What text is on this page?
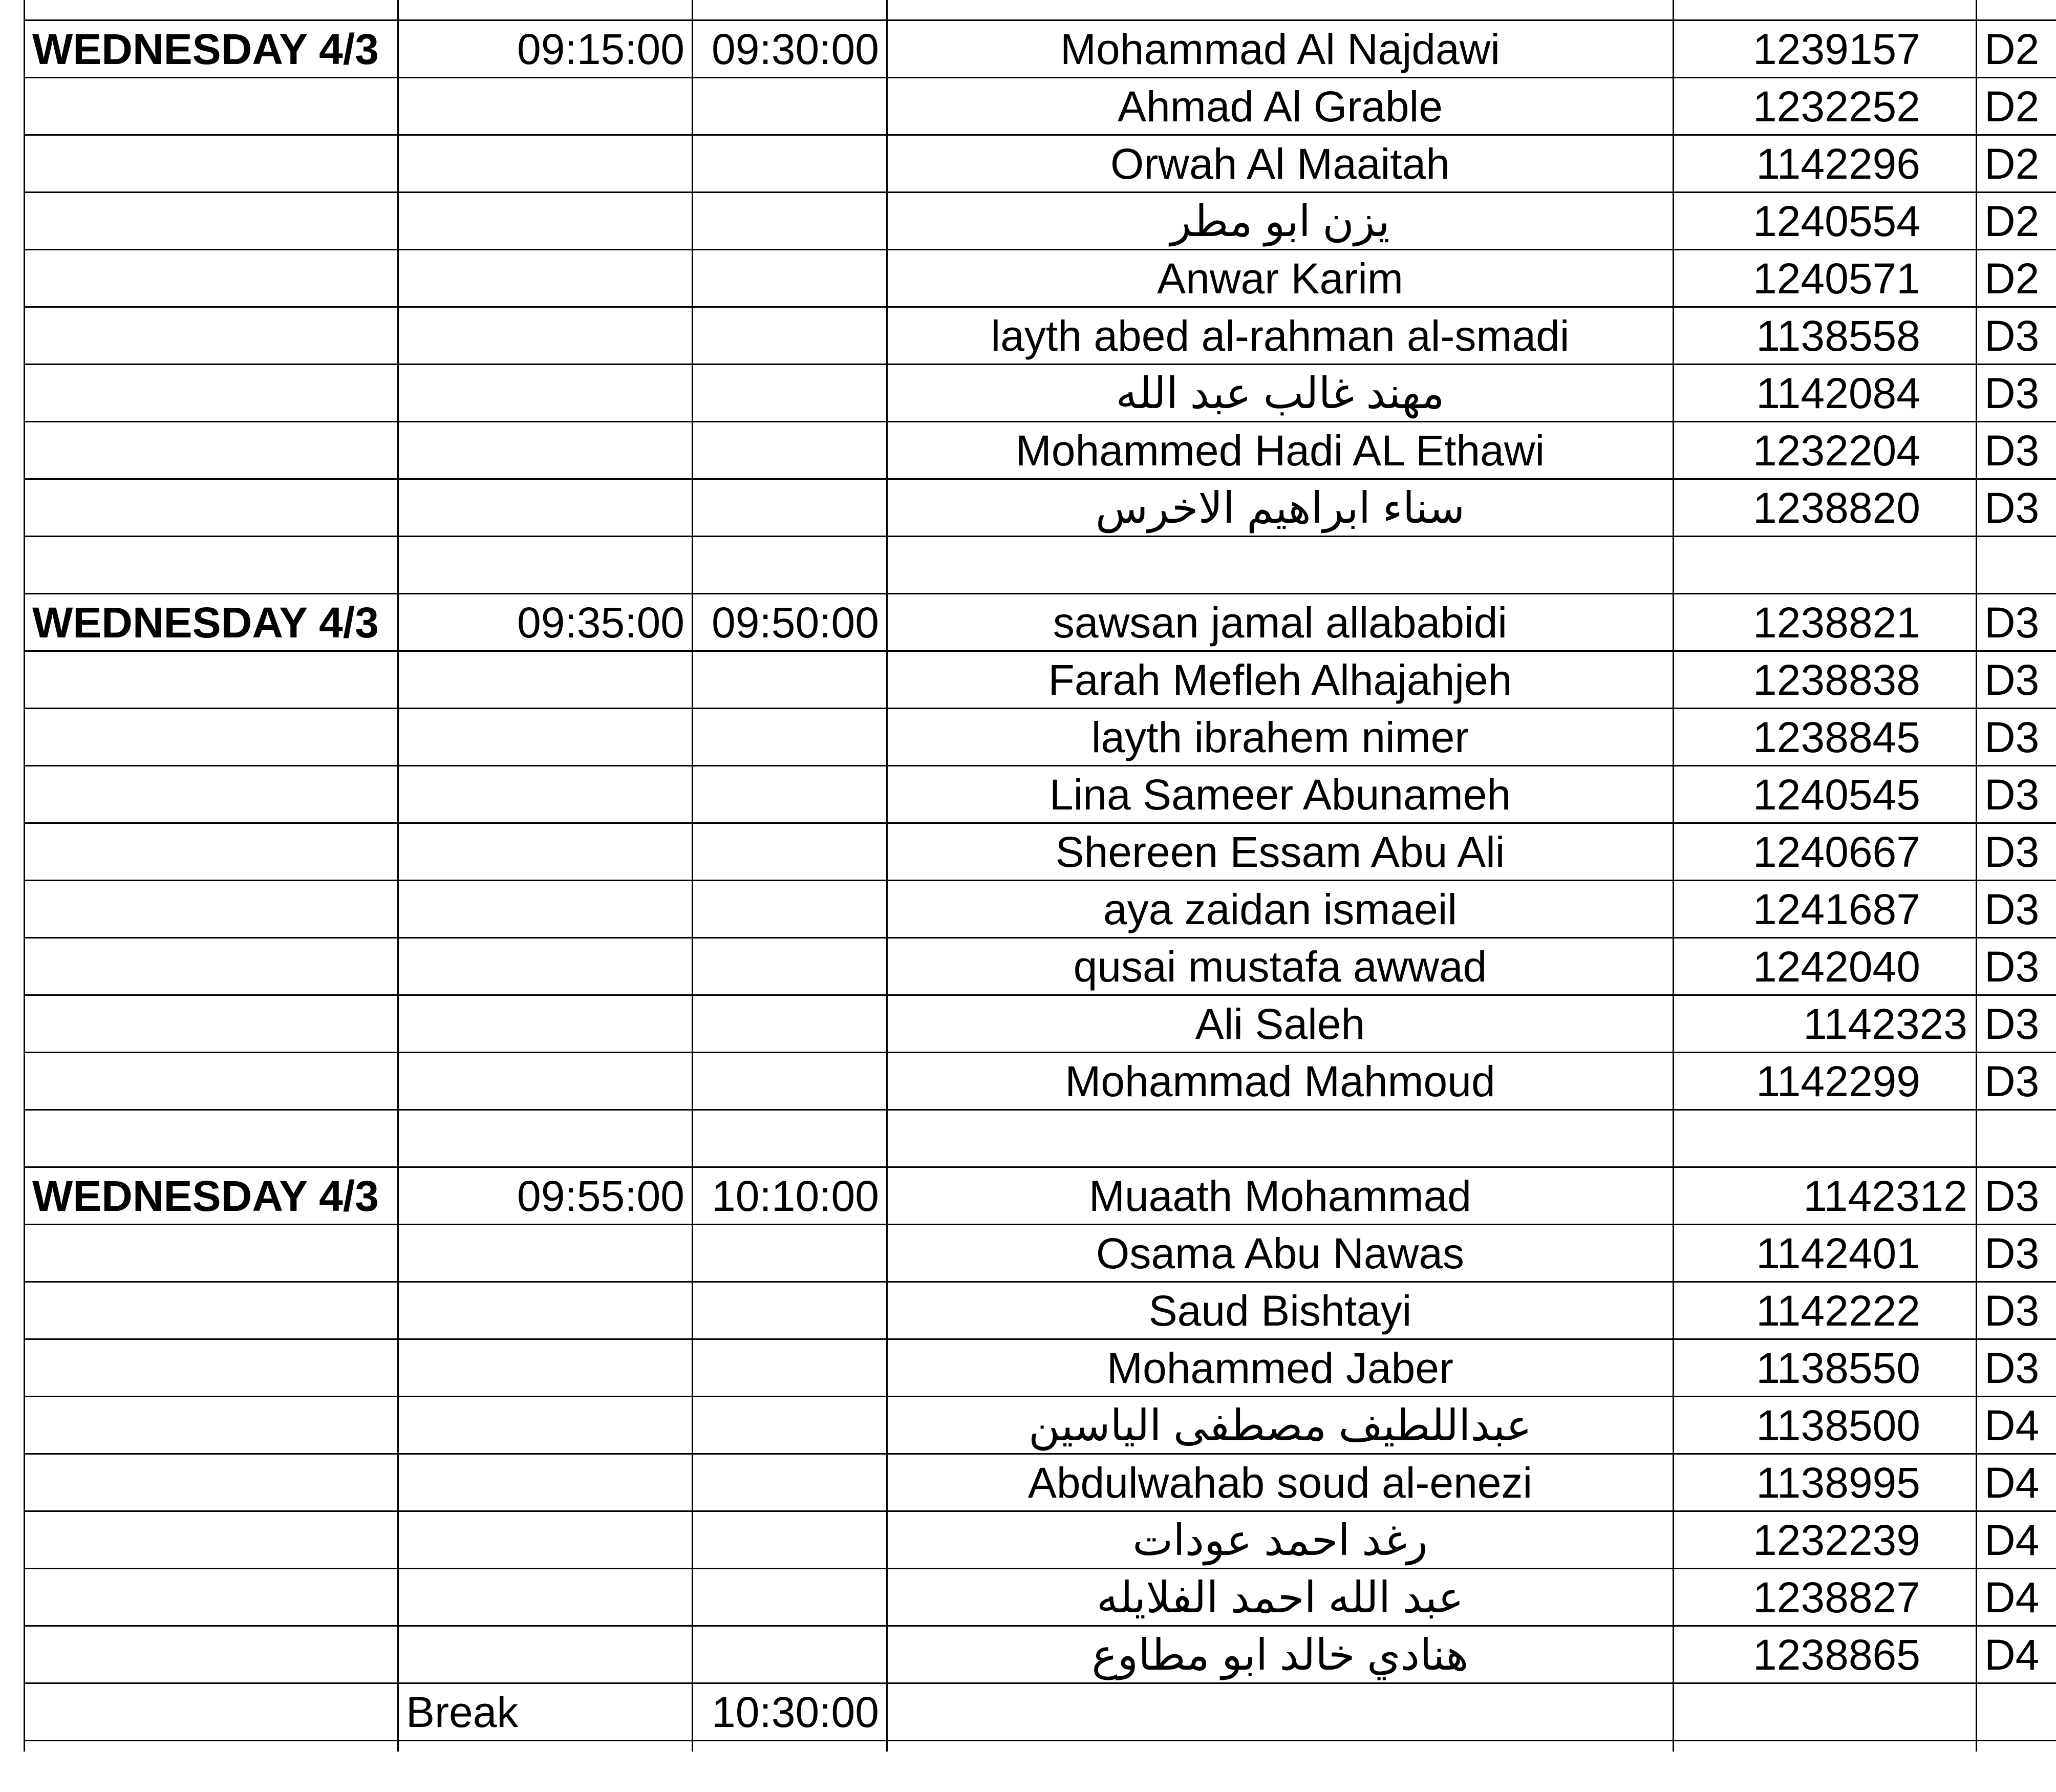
WEDNESDAY 4/3	09:15:00	09:30:00	Mohammad Al Najdawi	1239157	D2
			Ahmad Al Grable	1232252	D2
			Orwah Al Maaitah	1142296	D2
			يزن ابو مطر	1240554	D2
			Anwar Karim	1240571	D2
			layth abed al-rahman al-smadi	1138558	D3
			مهند غالب عبد الله	1142084	D3
			Mohammed Hadi AL Ethawi	1232204	D3
			سناء ابراهيم الاخرس	1238820	D3

WEDNESDAY 4/3	09:35:00	09:50:00	sawsan jamal allababidi	1238821	D3
			Farah Mefleh Alhajahjeh	1238838	D3
			layth ibrahem nimer	1238845	D3
			Lina Sameer Abunameh	1240545	D3
			Shereen Essam Abu Ali	1240667	D3
			aya zaidan ismaeil	1241687	D3
			qusai mustafa awwad	1242040	D3
			Ali Saleh	1142323	D3
			Mohammad Mahmoud	1142299	D3

WEDNESDAY 4/3	09:55:00	10:10:00	Muaath Mohammad	1142312	D3
			Osama Abu Nawas	1142401	D3
			Saud Bishtayi	1142222	D3
			Mohammed Jaber	1138550	D3
			عبداللطيف مصطفى الياسين	1138500	D4
			Abdulwahab soud al-enezi	1138995	D4
			رغد احمد عودات	1232239	D4
			عبد الله احمد الفلايله	1238827	D4
			هنادي خالد ابو مطاوع	1238865	D4
	Break	10:30:00			
